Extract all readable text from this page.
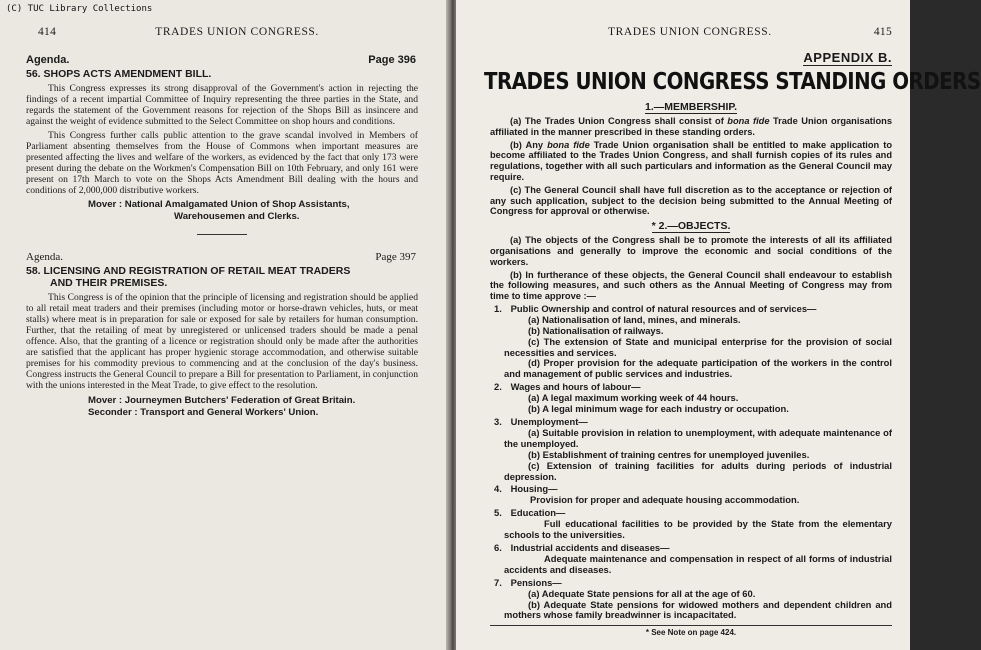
414	TRADES UNION CONGRESS.
Agenda.	Page 396
56. SHOPS ACTS AMENDMENT BILL.

This Congress expresses its strong disapproval of the Government's action in rejecting the findings of a recent impartial Committee of Inquiry representing the three parties in the State, and regards the statement of the Government reasons for rejection of the Shops Bill as insincere and against the weight of evidence submitted to the Select Committee on shop hours and conditions.

This Congress further calls public attention to the grave scandal involved in Members of Parliament absenting themselves from the House of Commons when important measures are presented affecting the lives and welfare of the workers, as evidenced by the fact that only 173 were present during the debate on the Workmen's Compensation Bill on 10th February, and only 161 were present on 17th March to vote on the Shops Acts Amendment Bill dealing with the hours and conditions of 2,000,000 distributive workers.

Mover : National Amalgamated Union of Shop Assistants,
Warehousemen and Clerks.
Agenda.	Page 397
58. LICENSING AND REGISTRATION OF RETAIL MEAT TRADERS
AND THEIR PREMISES.

This Congress is of the opinion that the principle of licensing and registration should be applied to all retail meat traders and their premises (including motor or horse-drawn vehicles, huts, or meat stalls) where meat is in preparation for sale or exposed for sale by retailers for human consumption. Further, that the retailing of meat by unregistered or unlicensed traders should be made a penal offence. Also, that the granting of a licence or registration should only be made after the authorities are satisfied that the applicant has proper hygienic storage accommodation, and otherwise suitable premises for his commodity previous to commencing and at the conclusion of the day's business. Congress instructs the General Council to prepare a Bill for presentation to Parliament, in conjunction with the unions interested in the Meat Trade, to give effect to the resolution.

Mover : Journeymen Butchers' Federation of Great Britain.
Seconder : Transport and General Workers' Union.
TRADES UNION CONGRESS.	415
APPENDIX B.
TRADES UNION CONGRESS STANDING ORDERS
1.—MEMBERSHIP.

(a) The Trades Union Congress shall consist of bona fide Trade Union organisations affiliated in the manner prescribed in these standing orders.

(b) Any bona fide Trade Union organisation shall be entitled to make application to become affiliated to the Trades Union Congress, and shall furnish copies of its rules and regulations, together with all such particulars and information as the General Council may require.

(c) The General Council shall have full discretion as to the acceptance or rejection of any such application, subject to the decision being submitted to the Annual Meeting of Congress for approval or otherwise.

* 2.—OBJECTS.

(a) The objects of the Congress shall be to promote the interests of all its affiliated organisations and generally to improve the economic and social conditions of the workers.

(b) In furtherance of these objects, the General Council shall endeavour to establish the following measures, and such others as the Annual Meeting of Congress may from time to time approve :—

1. Public Ownership and control of natural resources and of services—
(a) Nationalisation of land, mines, and minerals.
(b) Nationalisation of railways.
(c) The extension of State and municipal enterprise for the provision of social necessities and services.
(d) Proper provision for the adequate participation of the workers in the control and management of public services and industries.
2. Wages and hours of labour—
(a) A legal maximum working week of 44 hours.
(b) A legal minimum wage for each industry or occupation.
3. Unemployment—
(a) Suitable provision in relation to unemployment, with adequate maintenance of the unemployed.
(b) Establishment of training centres for unemployed juveniles.
(c) Extension of training facilities for adults during periods of industrial depression.
4. Housing—
Provision for proper and adequate housing accommodation.
5. Education—
Full educational facilities to be provided by the State from the elementary schools to the universities.
6. Industrial accidents and diseases—
Adequate maintenance and compensation in respect of all forms of industrial accidents and diseases.
7. Pensions—
(a) Adequate State pensions for all at the age of 60.
(b) Adequate State pensions for widowed mothers and dependent children and mothers whose family breadwinner is incapacitated.
* See Note on page 424.
(C) TUC Library Collections
